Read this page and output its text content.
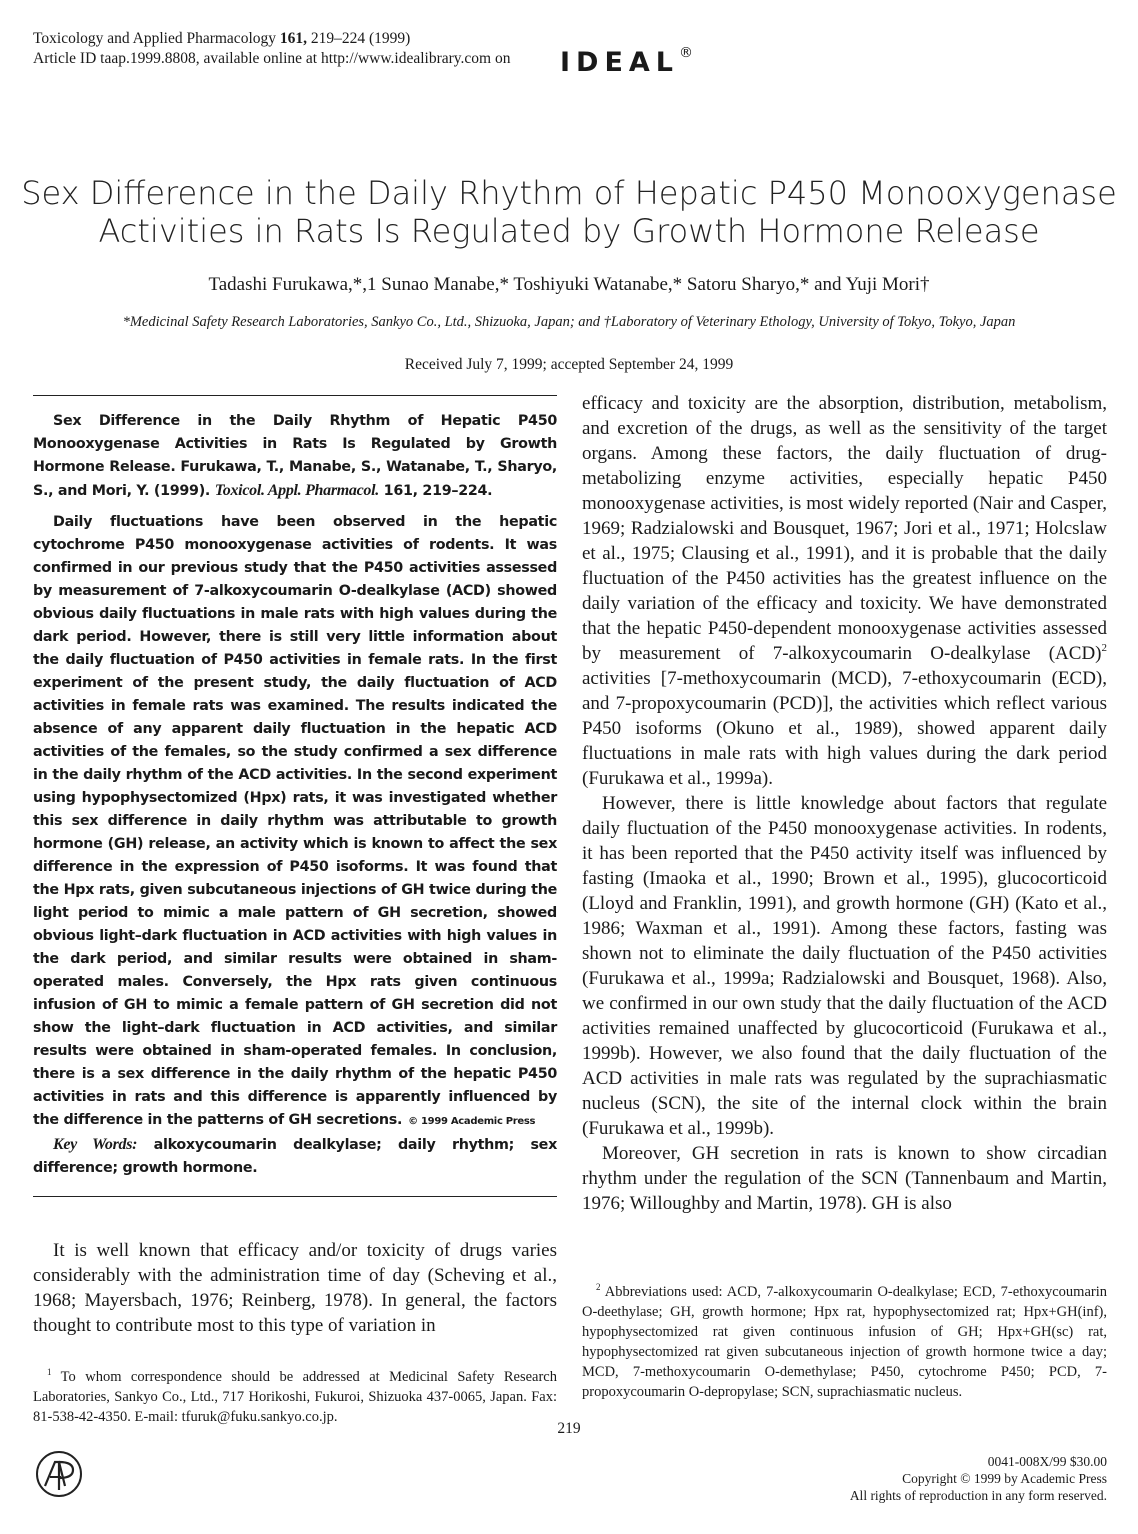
Toxicology and Applied Pharmacology 161, 219–224 (1999)
Article ID taap.1999.8808, available online at http://www.idealibrary.com on IDEAL®
Sex Difference in the Daily Rhythm of Hepatic P450 Monooxygenase
Activities in Rats Is Regulated by Growth Hormone Release
Tadashi Furukawa,*,1 Sunao Manabe,* Toshiyuki Watanabe,* Satoru Sharyo,* and Yuji Mori†
*Medicinal Safety Research Laboratories, Sankyo Co., Ltd., Shizuoka, Japan; and †Laboratory of Veterinary Ethology, University of Tokyo, Tokyo, Japan
Received July 7, 1999; accepted September 24, 1999

Sex Difference in the Daily Rhythm of Hepatic P450 Monooxygenase Activities in Rats Is Regulated by Growth Hormone Release. Furukawa, T., Manabe, S., Watanabe, T., Sharyo, S., and Mori, Y. (1999). Toxicol. Appl. Pharmacol. 161, 219–224.

Daily fluctuations have been observed in the hepatic cytochrome P450 monooxygenase activities of rodents. It was confirmed in our previous study that the P450 activities assessed by measurement of 7-alkoxycoumarin O-dealkylase (ACD) showed obvious daily fluctuations in male rats with high values during the dark period. However, there is still very little information about the daily fluctuation of P450 activities in female rats. In the first experiment of the present study, the daily fluctuation of ACD activities in female rats was examined. The results indicated the absence of any apparent daily fluctuation in the hepatic ACD activities of the females, so the study confirmed a sex difference in the daily rhythm of the ACD activities. In the second experiment using hypophysectomized (Hpx) rats, it was investigated whether this sex difference in daily rhythm was attributable to growth hormone (GH) release, an activity which is known to affect the sex difference in the expression of P450 isoforms. It was found that the Hpx rats, given subcutaneous injections of GH twice during the light period to mimic a male pattern of GH secretion, showed obvious light–dark fluctuation in ACD activities with high values in the dark period, and similar results were obtained in sham-operated males. Conversely, the Hpx rats given continuous infusion of GH to mimic a female pattern of GH secretion did not show the light–dark fluctuation in ACD activities, and similar results were obtained in sham-operated females. In conclusion, there is a sex difference in the daily rhythm of the hepatic P450 activities in rats and this difference is apparently influenced by the difference in the patterns of GH secretions. © 1999 Academic Press

Key Words: alkoxycoumarin dealkylase; daily rhythm; sex difference; growth hormone.

It is well known that efficacy and/or toxicity of drugs varies considerably with the administration time of day (Scheving et al., 1968; Mayersbach, 1976; Reinberg, 1978). In general, the factors thought to contribute most to this type of variation in

efficacy and toxicity are the absorption, distribution, metabolism, and excretion of the drugs, as well as the sensitivity of the target organs. Among these factors, the daily fluctuation of drug-metabolizing enzyme activities, especially hepatic P450 monooxygenase activities, is most widely reported (Nair and Casper, 1969; Radzialowski and Bousquet, 1967; Jori et al., 1971; Holcslaw et al., 1975; Clausing et al., 1991), and it is probable that the daily fluctuation of the P450 activities has the greatest influence on the daily variation of the efficacy and toxicity. We have demonstrated that the hepatic P450-dependent monooxygenase activities assessed by measurement of 7-alkoxycoumarin O-dealkylase (ACD)$^2$ activities [7-methoxycoumarin (MCD), 7-ethoxycoumarin (ECD), and 7-propoxycoumarin (PCD)], the activities which reflect various P450 isoforms (Okuno et al., 1989), showed apparent daily fluctuations in male rats with high values during the dark period (Furukawa et al., 1999a).

However, there is little knowledge about factors that regulate daily fluctuation of the P450 monooxygenase activities. In rodents, it has been reported that the P450 activity itself was influenced by fasting (Imaoka et al., 1990; Brown et al., 1995), glucocorticoid (Lloyd and Franklin, 1991), and growth hormone (GH) (Kato et al., 1986; Waxman et al., 1991). Among these factors, fasting was shown not to eliminate the daily fluctuation of the P450 activities (Furukawa et al., 1999a; Radzialowski and Bousquet, 1968). Also, we confirmed in our own study that the daily fluctuation of the ACD activities remained unaffected by glucocorticoid (Furukawa et al., 1999b). However, we also found that the daily fluctuation of the ACD activities in male rats was regulated by the suprachiasmatic nucleus (SCN), the site of the internal clock within the brain (Furukawa et al., 1999b).

Moreover, GH secretion in rats is known to show circadian rhythm under the regulation of the SCN (Tannenbaum and Martin, 1976; Willoughby and Martin, 1978). GH is also

$^1$ To whom correspondence should be addressed at Medicinal Safety Research Laboratories, Sankyo Co., Ltd., 717 Horikoshi, Fukuroi, Shizuoka 437-0065, Japan. Fax: 81-538-42-4350. E-mail: tfuruk@fuku.sankyo.co.jp.

$^2$ Abbreviations used: ACD, 7-alkoxycoumarin O-dealkylase; ECD, 7-ethoxycoumarin O-deethylase; GH, growth hormone; Hpx rat, hypophysectomized rat; Hpx+GH(inf), hypophysectomized rat given continuous infusion of GH; Hpx+GH(sc) rat, hypophysectomized rat given subcutaneous injection of growth hormone twice a day; MCD, 7-methoxycoumarin O-demethylase; P450, cytochrome P450; PCD, 7-propoxycoumarin O-depropylase; SCN, suprachiasmatic nucleus.

219
0041-008X/99 $30.00
Copyright © 1999 by Academic Press
All rights of reproduction in any form reserved.
